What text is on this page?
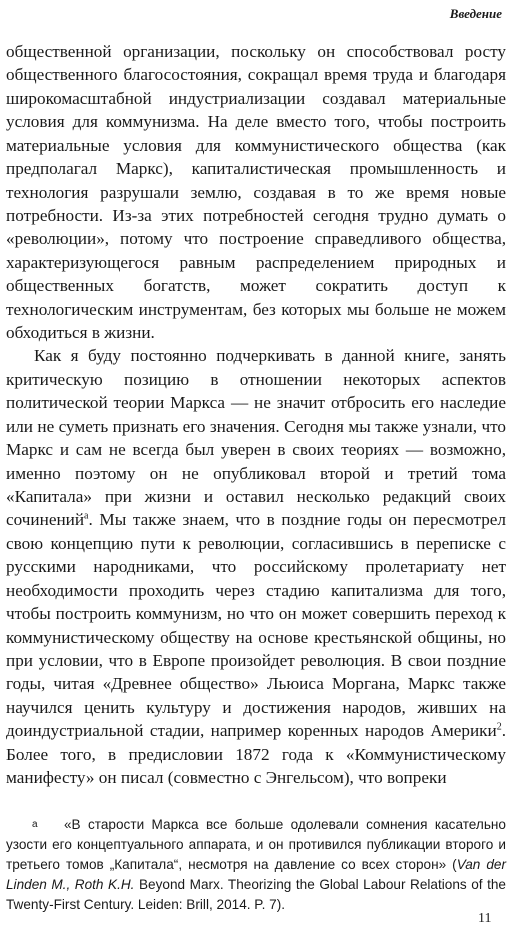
Введение

общественной организации, поскольку он способствовал росту общественного благосостояния, сокращал время труда и благодаря широкомасштабной индустриализации создавал материальные условия для коммунизма. На деле вместо того, чтобы построить материальные условия для коммунистического общества (как предполагал Маркс), капиталистическая промышленность и технология разрушали землю, создавая в то же время новые потребности. Из-за этих потребностей сегодня трудно думать о «революции», потому что построение справедливого общества, характеризующегося равным распределением природных и общественных богатств, может сократить доступ к технологическим инструментам, без которых мы больше не можем обходиться в жизни.

Как я буду постоянно подчеркивать в данной книге, занять критическую позицию в отношении некоторых аспектов политической теории Маркса — не значит отбросить его наследие или не суметь признать его значения. Сегодня мы также узнали, что Маркс и сам не всегда был уверен в своих теориях — возможно, именно поэтому он не опубликовал второй и третий тома «Капитала» при жизни и оставил несколько редакций своих сочинений$^a$. Мы также знаем, что в поздние годы он пересмотрел свою концепцию пути к революции, согласившись в переписке с русскими народниками, что российскому пролетариату нет необходимости проходить через стадию капитализма для того, чтобы построить коммунизм, но что он может совершить переход к коммунистическому обществу на основе крестьянской общины, но при условии, что в Европе произойдет революция. В свои поздние годы, читая «Древнее общество» Льюиса Моргана, Маркс также научился ценить культуру и достижения народов, живших на доиндустриальной стадии, например коренных народов Америки$^2$. Более того, в предисловии 1872 года к «Коммунистическому манифесту» он писал (совместно с Энгельсом), что вопреки

a	«В старости Маркса все больше одолевали сомнения касательно узости его концептуального аппарата, и он противился публикации второго и третьего томов „Капитала“, несмотря на давление со всех сторон» (Van der Linden M., Roth K.H. Beyond Marx. Theorizing the Global Labour Relations of the Twenty-First Century. Leiden: Brill, 2014. P. 7).

11
